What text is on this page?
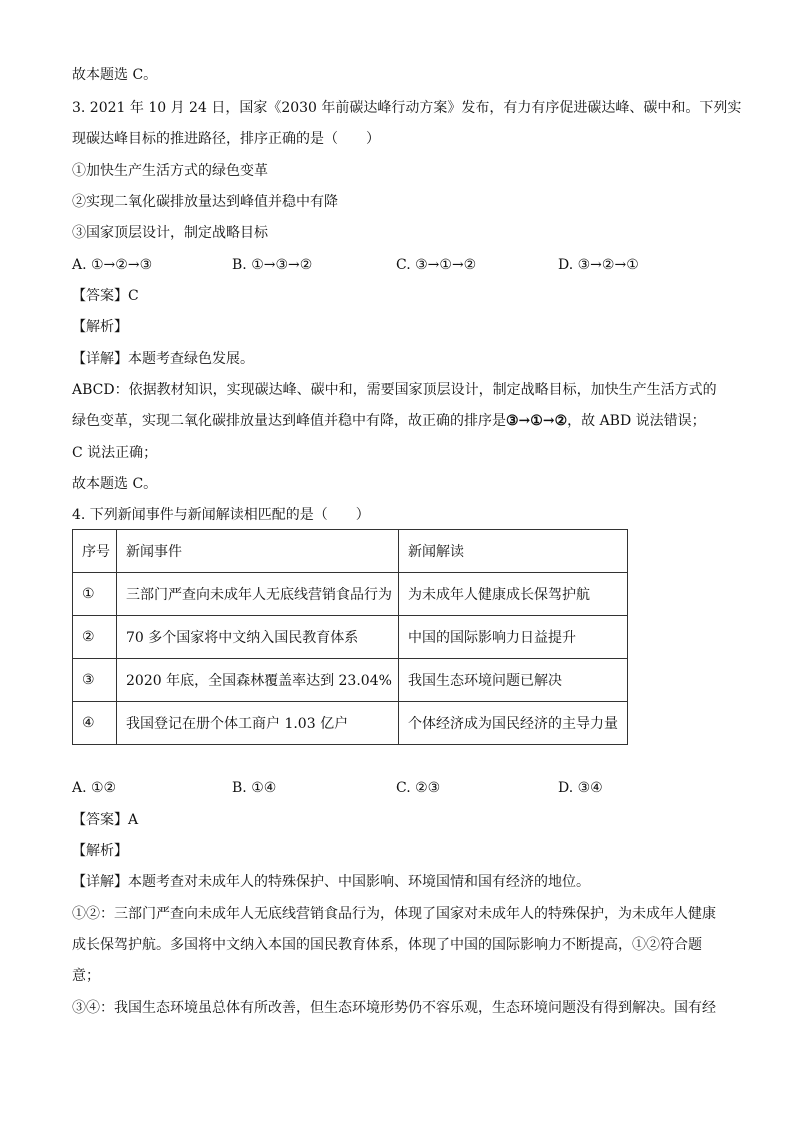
故本题选 C。
3. 2021 年 10 月 24 日，国家《2030 年前碳达峰行动方案》发布，有力有序促进碳达峰、碳中和。下列实
现碳达峰目标的推进路径，排序正确的是（　　）
①加快生产生活方式的绿色变革
②实现二氧化碳排放量达到峰值并稳中有降
③国家顶层设计，制定战略目标
A. ①→②→③	B. ①→③→②	C. ③→①→②	D. ③→②→①
【答案】C
【解析】
【详解】本题考查绿色发展。
ABCD：依据教材知识，实现碳达峰、碳中和，需要国家顶层设计，制定战略目标，加快生产生活方式的
绿色变革，实现二氧化碳排放量达到峰值并稳中有降，故正确的排序是③→①→②，故 ABD 说法错误；
C 说法正确；
故本题选 C。
4. 下列新闻事件与新闻解读相匹配的是（　　）
序号	新闻事件	新闻解读
①	三部门严查向未成年人无底线营销食品行为	为未成年人健康成长保驾护航
②	70 多个国家将中文纳入国民教育体系	中国的国际影响力日益提升
③	2020 年底，全国森林覆盖率达到 23.04%	我国生态环境问题已解决
④	我国登记在册个体工商户 1.03 亿户	个体经济成为国民经济的主导力量
A. ①②	B. ①④	C. ②③	D. ③④
【答案】A
【解析】
【详解】本题考查对未成年人的特殊保护、中国影响、环境国情和国有经济的地位。
①②：三部门严查向未成年人无底线营销食品行为，体现了国家对未成年人的特殊保护，为未成年人健康
成长保驾护航。多国将中文纳入本国的国民教育体系，体现了中国的国际影响力不断提高，①②符合题
意；
③④：我国生态环境虽总体有所改善，但生态环境形势仍不容乐观，生态环境问题没有得到解决。国有经
